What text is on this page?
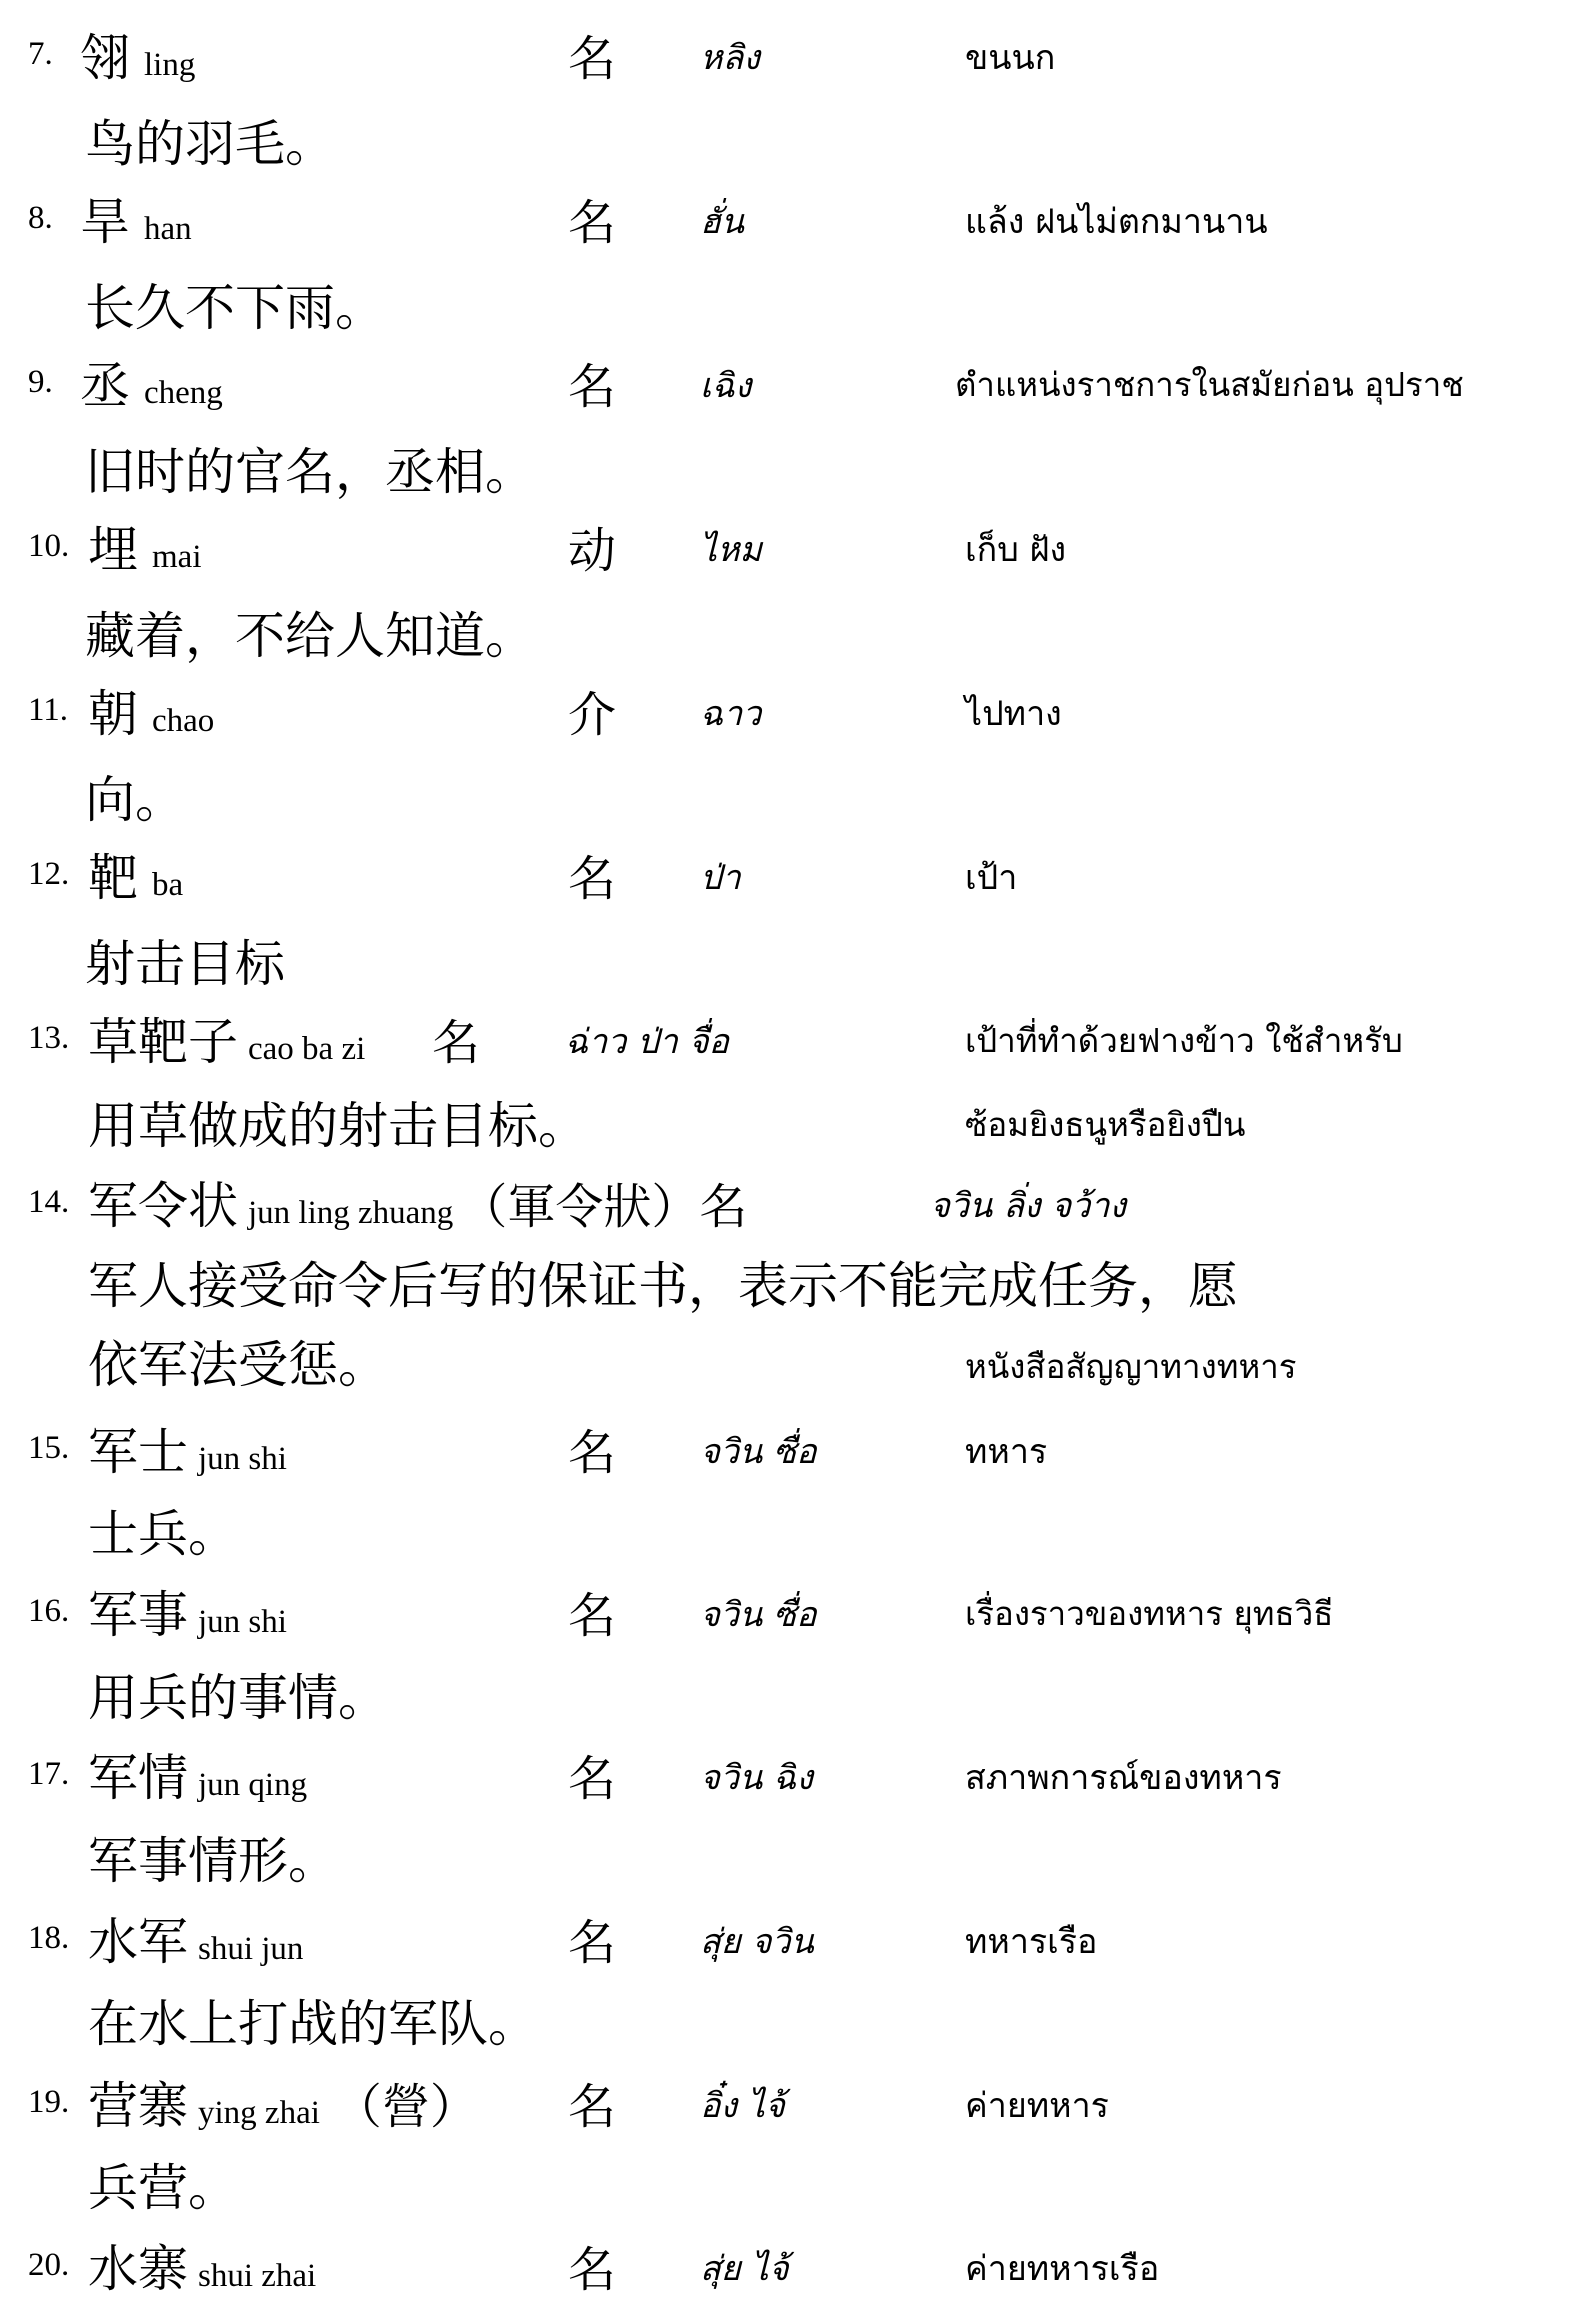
7. 翎ling	名 หลิง	ขนนก
鸟的羽毛。
8. 旱han	名 ฮั่น	แล้ง ฝนไม่ตกมานาน
长久不下雨。
9. 丞cheng	名 เฉิง	ตำแหน่งราชการในสมัยก่อน อุปราช
旧时的官名，丞相。
10. 埋mai	动 ไหม	เก็บ ฝัง
藏着，不给人知道。
11. 朝chao	介 ฉาว	ไปทาง
向。
12. 靶ba	名 ป่า	เป้า
射击目标
13. 草靶子 cao ba zi 名 ฉ่าว ป่า จื่อ	เป้าที่ทำด้วยฟางข้าว ใช้สำหรับ
用草做成的射击目标。	ซ้อมยิงธนูหรือยิงปืน
14. 军令状 jun ling zhuang （軍令狀）名	จวิน ลิ่ง จว้าง
军人接受命令后写的保证书，表示不能完成任务，愿
依军法受惩。	หนังสือสัญญาทางทหาร
15. 军士 jun shi	名 จวิน ซื่อ	ทหาร
士兵。
16. 军事 jun shi	名 จวิน ซื่อ	เรื่องราวของทหาร ยุทธวิธี
用兵的事情。
17. 军情 jun qing	名 จวิน ฉิง	สภาพการณ์ของทหาร
军事情形。
18. 水军 shui jun	名 สุ่ย จวิน	ทหารเรือ
在水上打战的军队。
19. 营寨 ying zhai （營） 名 อิ๋ง ไจ้	ค่ายทหาร
兵营。
20. 水寨 shui zhai	名 สุ่ย ไจ้	ค่ายทหารเรือ
